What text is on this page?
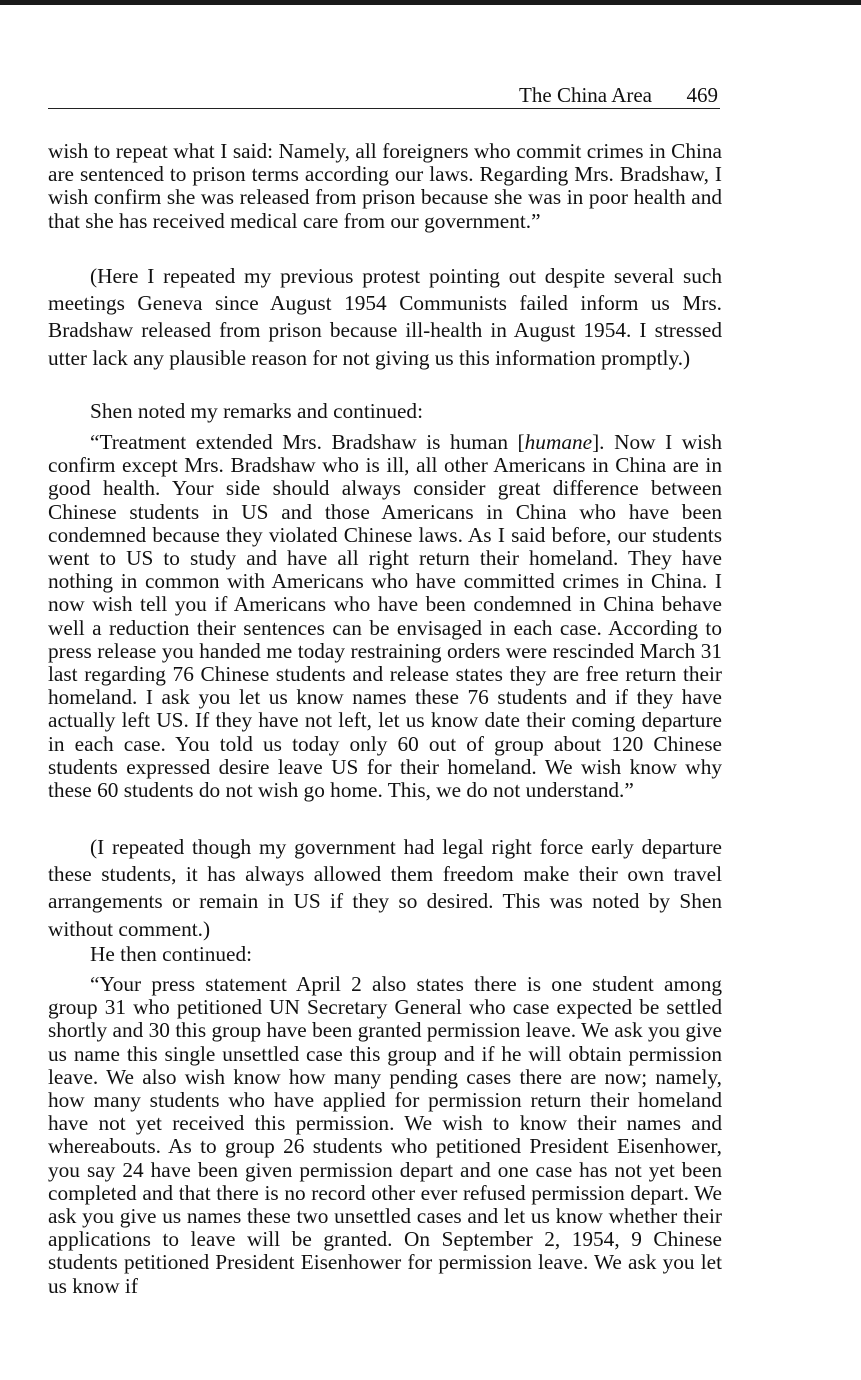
The China Area 469

wish to repeat what I said: Namely, all foreigners who commit crimes in China are sentenced to prison terms according our laws. Regarding Mrs. Bradshaw, I wish confirm she was released from prison because she was in poor health and that she has received medical care from our government.”

(Here I repeated my previous protest pointing out despite several such meetings Geneva since August 1954 Communists failed inform us Mrs. Bradshaw released from prison because ill-health in August 1954. I stressed utter lack any plausible reason for not giving us this information promptly.)

Shen noted my remarks and continued:

“Treatment extended Mrs. Bradshaw is human [humane]. Now I wish confirm except Mrs. Bradshaw who is ill, all other Americans in China are in good health. Your side should always consider great difference between Chinese students in US and those Americans in China who have been condemned because they violated Chinese laws. As I said before, our students went to US to study and have all right return their homeland. They have nothing in common with Americans who have committed crimes in China. I now wish tell you if Americans who have been condemned in China behave well a reduction their sentences can be envisaged in each case. According to press release you handed me today restraining orders were rescinded March 31 last regarding 76 Chinese students and release states they are free return their homeland. I ask you let us know names these 76 students and if they have actually left US. If they have not left, let us know date their coming departure in each case. You told us today only 60 out of group about 120 Chinese students expressed desire leave US for their homeland. We wish know why these 60 students do not wish go home. This, we do not understand.”

(I repeated though my government had legal right force early departure these students, it has always allowed them freedom make their own travel arrangements or remain in US if they so desired. This was noted by Shen without comment.)

He then continued:

“Your press statement April 2 also states there is one student among group 31 who petitioned UN Secretary General who case expected be settled shortly and 30 this group have been granted permission leave. We ask you give us name this single unsettled case this group and if he will obtain permission leave. We also wish know how many pending cases there are now; namely, how many students who have applied for permission return their homeland have not yet received this permission. We wish to know their names and whereabouts. As to group 26 students who petitioned President Eisenhower, you say 24 have been given permission depart and one case has not yet been completed and that there is no record other ever refused permission depart. We ask you give us names these two unsettled cases and let us know whether their applications to leave will be granted. On September 2, 1954, 9 Chinese students petitioned President Eisenhower for permission leave. We ask you let us know if
